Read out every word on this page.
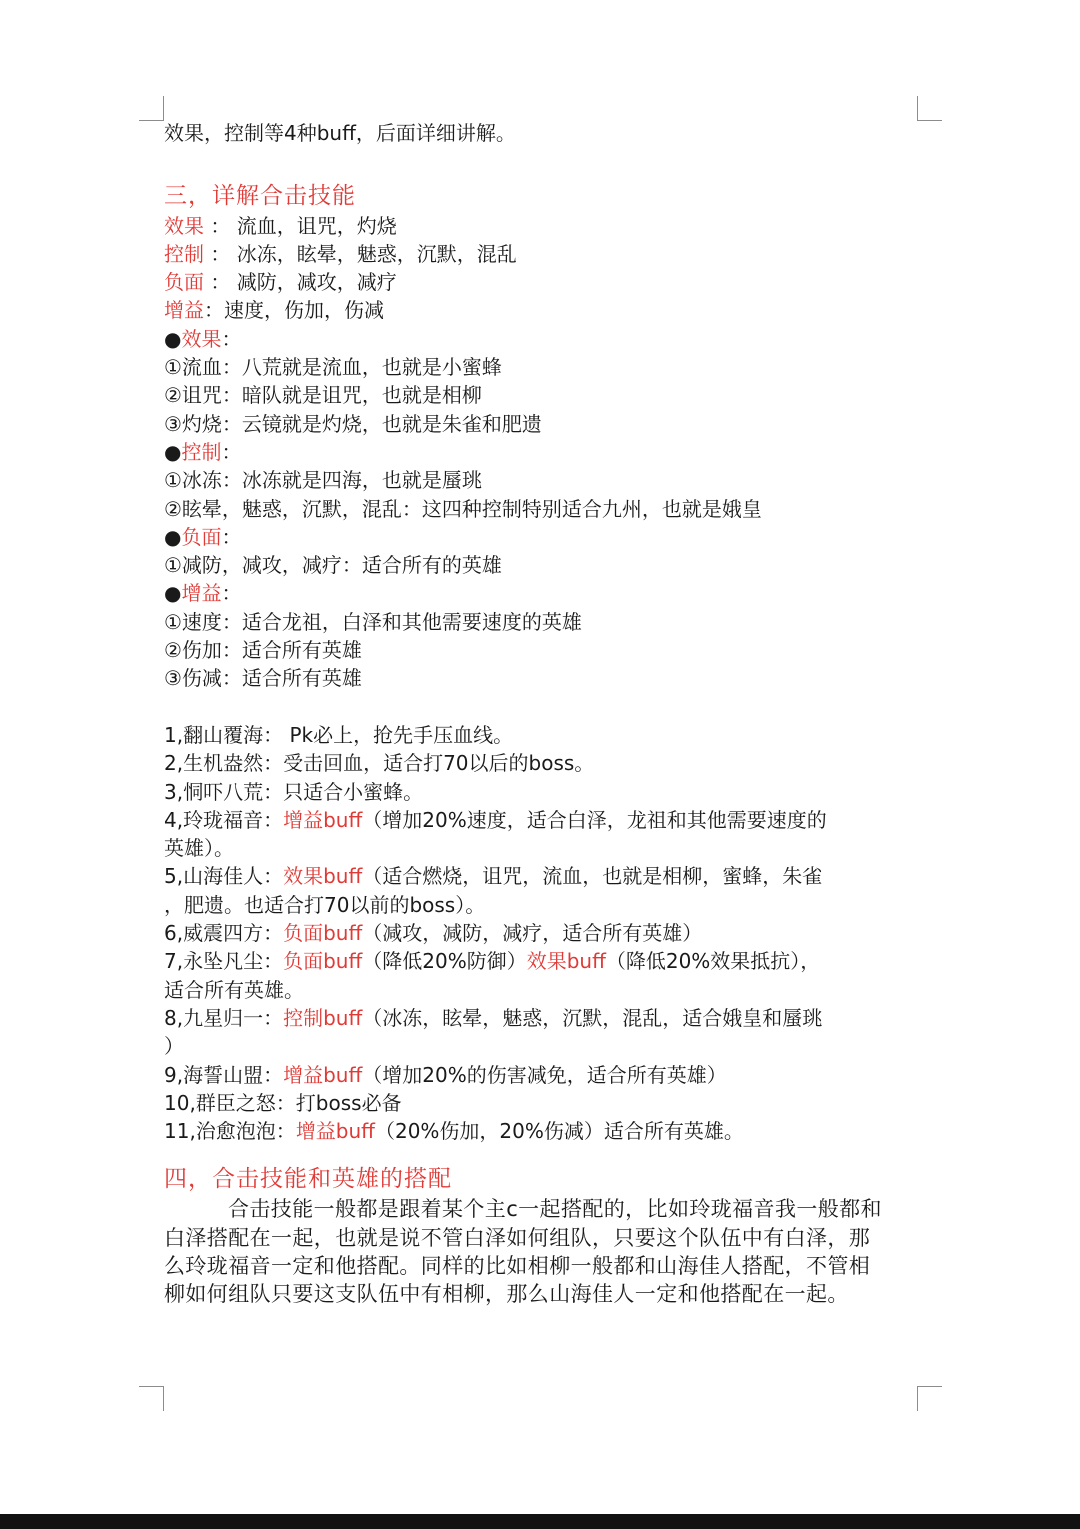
效果，控制等4种buff，后面详细讲解。
三，详解合击技能
效果 ： 流血，诅咒，灼烧
控制 ： 冰冻，眩晕，魅惑，沉默，混乱
负面 ： 减防，减攻，减疗
增益：速度，伤加，伤减
●效果：
①流血：八荒就是流血，也就是小蜜蜂
②诅咒：暗队就是诅咒，也就是相柳
③灼烧：云镜就是灼烧，也就是朱雀和肥遗
●控制：
①冰冻：冰冻就是四海，也就是蜃珧
②眩晕，魅惑，沉默，混乱：这四种控制特别适合九州，也就是娥皇
●负面：
①减防，减攻，减疗：适合所有的英雄
●增益：
①速度：适合龙祖，白泽和其他需要速度的英雄
②伤加：适合所有英雄
③伤减：适合所有英雄
1,翻山覆海： Pk必上，抢先手压血线。
2,生机盎然：受击回血，适合打70以后的boss。
3,恫吓八荒：只适合小蜜蜂。
4,玲珑福音：增益buff（增加20%速度，适合白泽，龙祖和其他需要速度的
英雄）。
5,山海佳人：效果buff（适合燃烧，诅咒，流血，也就是相柳，蜜蜂，朱雀
，肥遗。也适合打70以前的boss）。
6,威震四方：负面buff（减攻，减防，减疗，适合所有英雄）
7,永坠凡尘：负面buff（降低20%防御）效果buff（降低20%效果抵抗），
适合所有英雄。
8,九星归一：控制buff（冰冻，眩晕，魅惑，沉默，混乱，适合娥皇和蜃珧
）
9,海誓山盟：增益buff（增加20%的伤害减免，适合所有英雄）
10,群臣之怒：打boss必备
11,治愈泡泡：增益buff（20%伤加，20%伤减）适合所有英雄。
四，合击技能和英雄的搭配
合击技能一般都是跟着某个主c一起搭配的，比如玲珑福音我一般都和
白泽搭配在一起，也就是说不管白泽如何组队，只要这个队伍中有白泽，那
么玲珑福音一定和他搭配。同样的比如相柳一般都和山海佳人搭配，不管相
柳如何组队只要这支队伍中有相柳，那么山海佳人一定和他搭配在一起。
